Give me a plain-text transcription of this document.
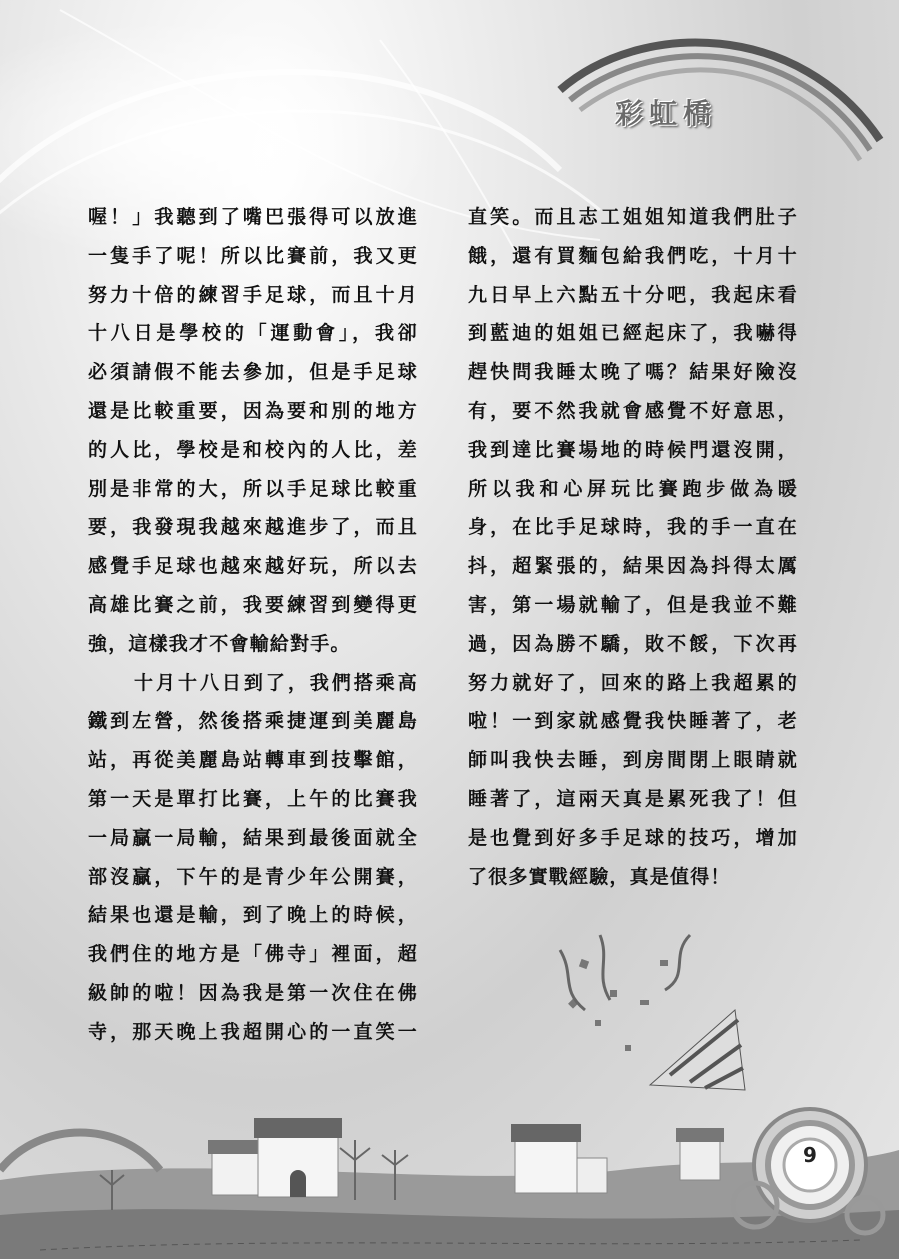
彩虹橋
喔！」我聽到了嘴巴張得可以放進
一隻手了呢！所以比賽前，我又更
努力十倍的練習手足球，而且十月
十八日是學校的「運動會」，我卻
必須請假不能去參加，但是手足球
還是比較重要，因為要和別的地方
的人比，學校是和校內的人比，差
別是非常的大，所以手足球比較重
要，我發現我越來越進步了，而且
感覺手足球也越來越好玩，所以去
高雄比賽之前，我要練習到變得更
強，這樣我才不會輸給對手。
十月十八日到了，我們搭乘高
鐵到左營，然後搭乘捷運到美麗島
站，再從美麗島站轉車到技擊館，
第一天是單打比賽，上午的比賽我
一局贏一局輸，結果到最後面就全
部沒贏，下午的是青少年公開賽，
結果也還是輸，到了晚上的時候，
我們住的地方是「佛寺」裡面，超
級帥的啦！因為我是第一次住在佛
寺，那天晚上我超開心的一直笑一
直笑。而且志工姐姐知道我們肚子
餓，還有買麵包給我們吃，十月十
九日早上六點五十分吧，我起床看
到藍迪的姐姐已經起床了，我嚇得
趕快問我睡太晚了嗎？結果好險沒
有，要不然我就會感覺不好意思，
我到達比賽場地的時候門還沒開，
所以我和心屏玩比賽跑步做為暖
身，在比手足球時，我的手一直在
抖，超緊張的，結果因為抖得太厲
害，第一場就輸了，但是我並不難
過，因為勝不驕，敗不餒，下次再
努力就好了，回來的路上我超累的
啦！一到家就感覺我快睡著了，老
師叫我快去睡，到房間閉上眼睛就
睡著了，這兩天真是累死我了！但
是也覺到好多手足球的技巧，增加
了很多實戰經驗，真是值得！
9
